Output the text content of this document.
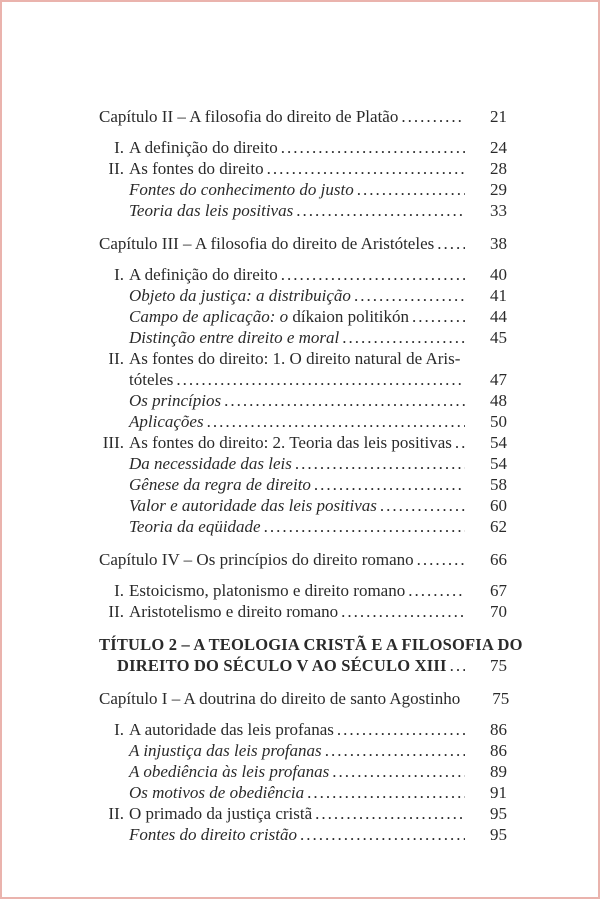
Capítulo II – A filosofia do direito de Platão .....	21
I. A definição do direito .....	24
II. As fontes do direito .....	28
Fontes do conhecimento do justo .....	29
Teoria das leis positivas .....	33
Capítulo III – A filosofia do direito de Aristóteles .....	38
I. A definição do direito .....	40
Objeto da justiça: a distribuição .....	41
Campo de aplicação: o díkaion politikón .....	44
Distinção entre direito e moral .....	45
II. As fontes do direito: 1. O direito natural de Aris-
tóteles .....	47
Os princípios .....	48
Aplicações .....	50
III. As fontes do direito: 2. Teoria das leis positivas .....	54
Da necessidade das leis .....	54
Gênese da regra de direito .....	58
Valor e autoridade das leis positivas .....	60
Teoria da eqüidade .....	62
Capítulo IV – Os princípios do direito romano .....	66
I. Estoicismo, platonismo e direito romano .....	67
II. Aristotelismo e direito romano .....	70
TÍTULO 2 – A TEOLOGIA CRISTÃ E A FILOSOFIA DO
DIREITO DO SÉCULO V AO SÉCULO XIII .....	75
Capítulo I – A doutrina do direito de santo Agostinho	75
I. A autoridade das leis profanas .....	86
A injustiça das leis profanas .....	86
A obediência às leis profanas .....	89
Os motivos de obediência .....	91
II. O primado da justiça cristã .....	95
Fontes do direito cristão .....	95
